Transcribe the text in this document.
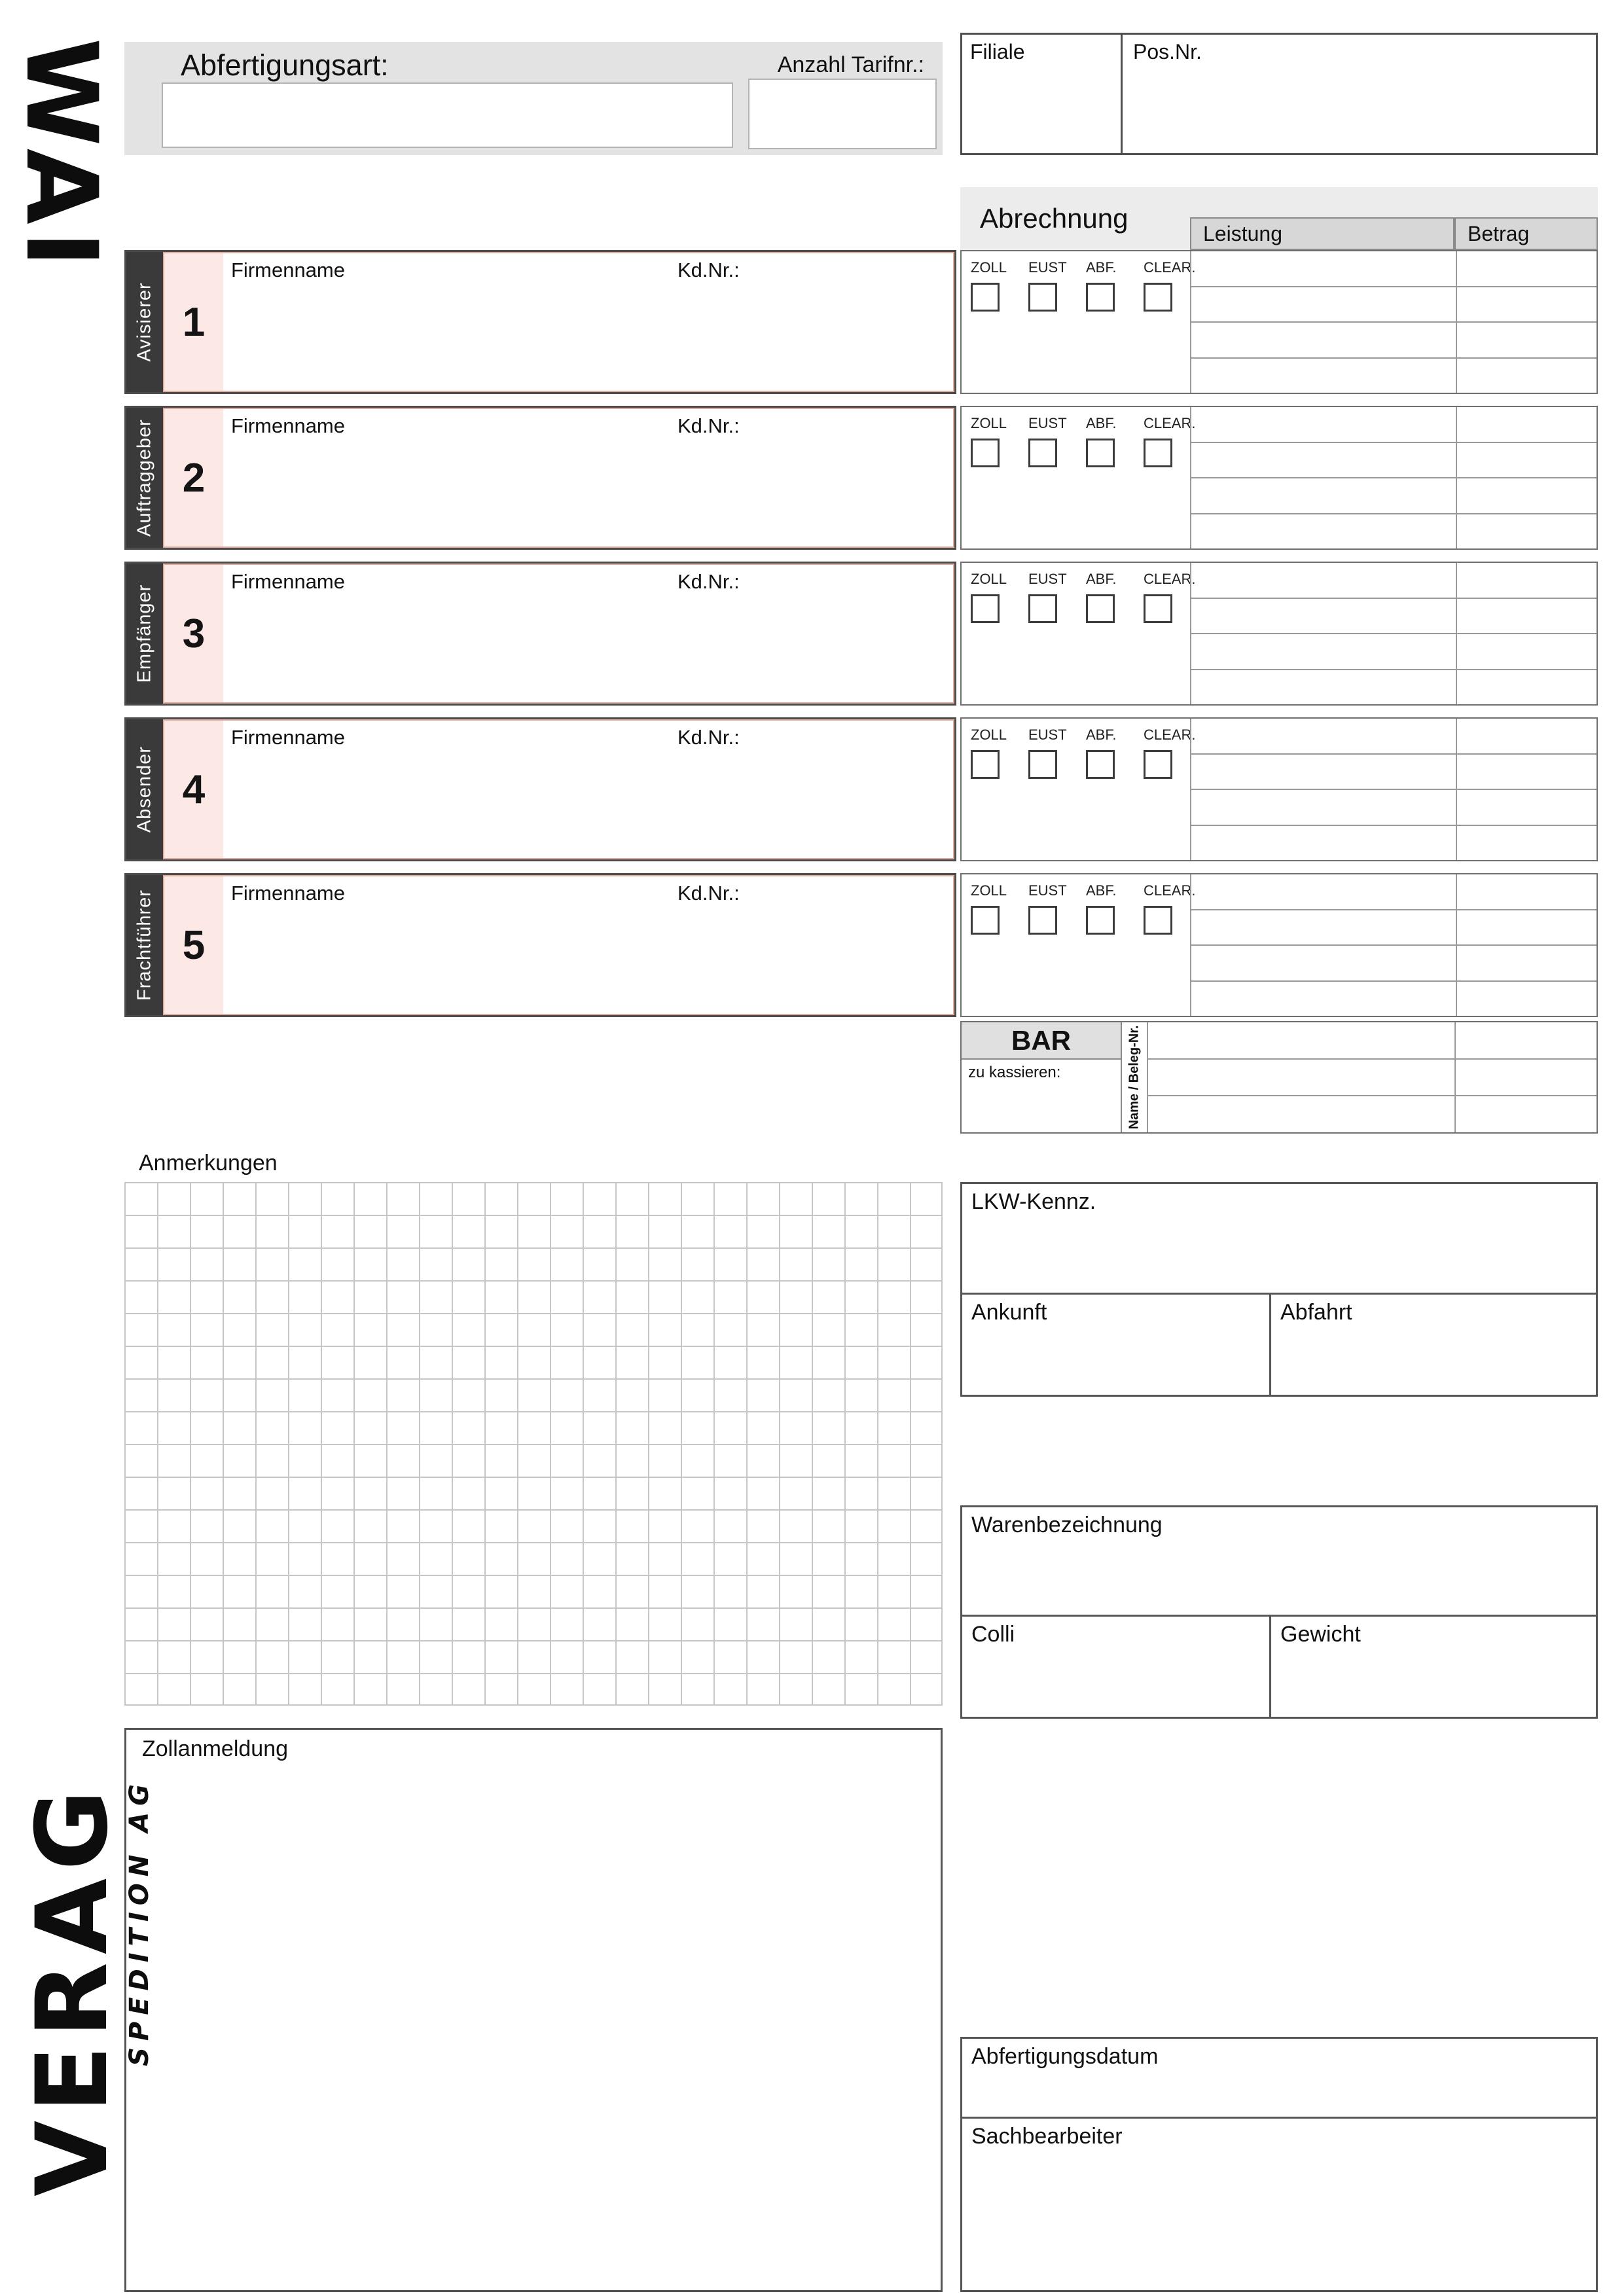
WAI Abfertigungsart:	Anzahl Tarifnr.:
Filiale	Pos.Nr.
Abrechnung	Leistung	Betrag
Avisierer 1
Firmenname	Kd.Nr.:	ZOLL	EUST	ABF.	CLEAR.
Auftraggeber 2
Firmenname	Kd.Nr.:	ZOLL	EUST	ABF.	CLEAR.
Empfänger 3
Firmenname	Kd.Nr.:	ZOLL	EUST	ABF.	CLEAR.
Absender 4
Firmenname	Kd.Nr.:	ZOLL	EUST	ABF.	CLEAR.
Frachtführer 5
Firmenname	Kd.Nr.:	ZOLL	EUST	ABF.	CLEAR.
BAR
zu kassieren:	Name / Beleg-Nr.
Anmerkungen
LKW-Kennz.
Ankunft	Abfahrt
Warenbezeichnung
Colli	Gewicht
Zollanmeldung
Abfertigungsdatum
Sachbearbeiter
VERAG
SPEDITION AG
